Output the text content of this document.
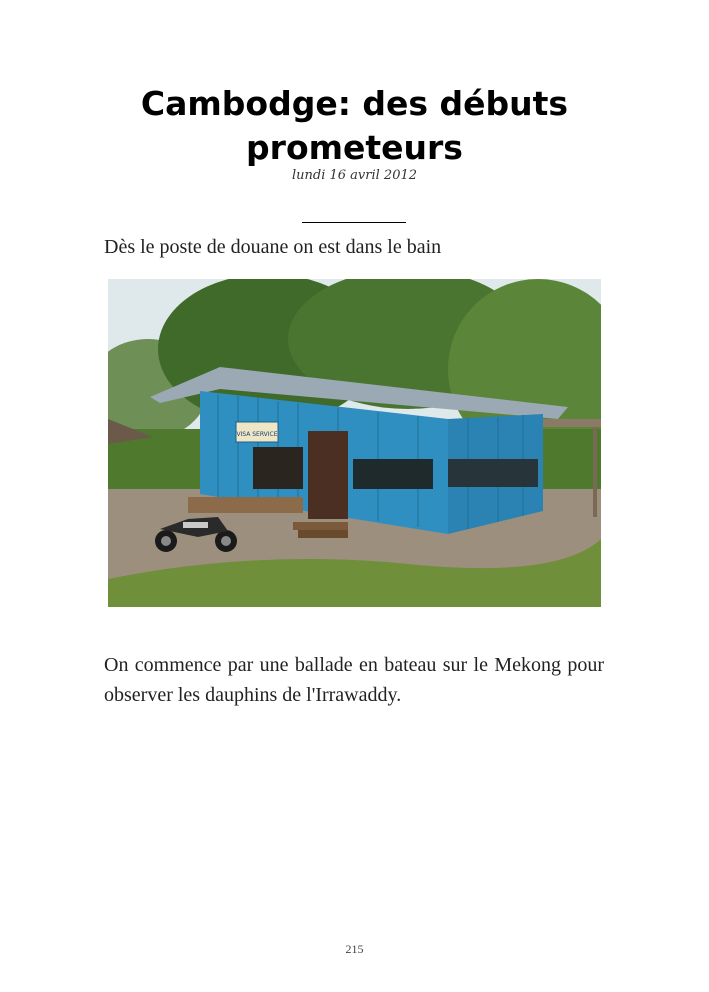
Cambodge: des débuts prometeurs
lundi 16 avril 2012

Dès le poste de douane on est dans le bain

VISA SERVICE

On commence par une ballade en bateau sur le Mekong pour observer les dauphins de l'Irrawaddy.

215
